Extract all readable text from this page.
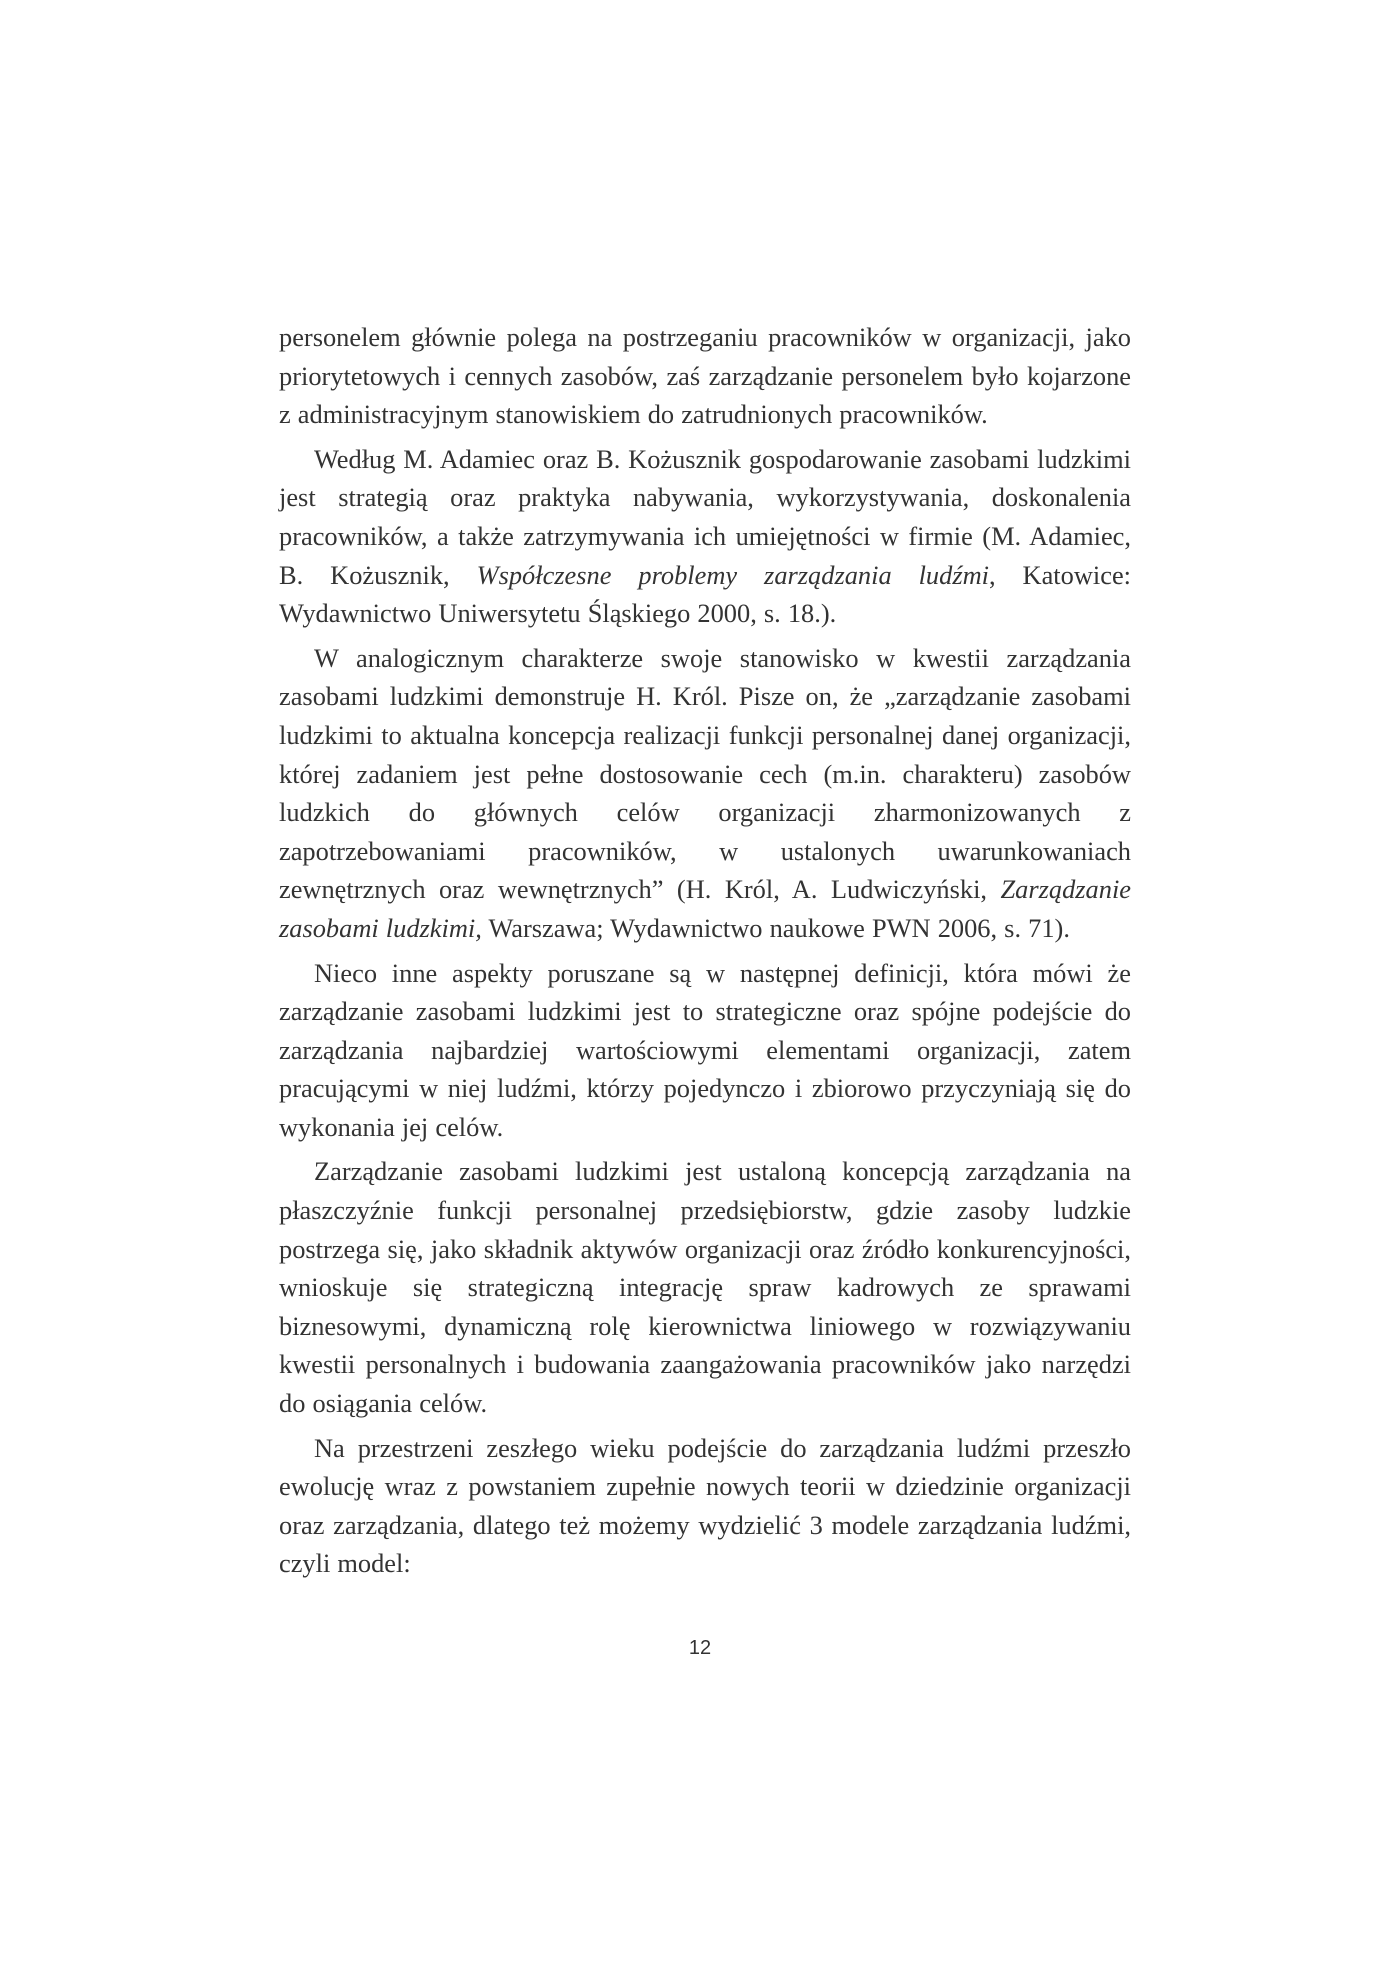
personelem głównie polega na postrzeganiu pracowników w organizacji, jako priorytetowych i cennych zasobów, zaś zarządzanie personelem było kojarzone z administracyjnym stanowiskiem do zatrudnionych pracowników.

Według M. Adamiec oraz B. Kożusznik gospodarowanie zasobami ludzkimi jest strategią oraz praktyka nabywania, wykorzystywania, doskonalenia pracowników, a także zatrzymywania ich umiejętności w firmie (M. Adamiec, B. Kożusznik, Współczesne problemy zarządzania ludźmi, Katowice: Wydawnictwo Uniwersytetu Śląskiego 2000, s. 18.).

W analogicznym charakterze swoje stanowisko w kwestii zarządzania zasobami ludzkimi demonstruje H. Król. Pisze on, że „zarządzanie zasobami ludzkimi to aktualna koncepcja realizacji funkcji personalnej danej organizacji, której zadaniem jest pełne dostosowanie cech (m.in. charakteru) zasobów ludzkich do głównych celów organizacji zharmonizowanych z zapotrzebowaniami pracowników, w ustalonych uwarunkowaniach zewnętrznych oraz wewnętrznych” (H. Król, A. Ludwiczyński, Zarządzanie zasobami ludzkimi, Warszawa; Wydawnictwo naukowe PWN 2006, s. 71).

Nieco inne aspekty poruszane są w następnej definicji, która mówi że zarządzanie zasobami ludzkimi jest to strategiczne oraz spójne podejście do zarządzania najbardziej wartościowymi elementami organizacji, zatem pracującymi w niej ludźmi, którzy pojedynczo i zbiorowo przyczyniają się do wykonania jej celów.

Zarządzanie zasobami ludzkimi jest ustaloną koncepcją zarządzania na płaszczyźnie funkcji personalnej przedsiębiorstw, gdzie zasoby ludzkie postrzega się, jako składnik aktywów organizacji oraz źródło konkurencyjności, wnioskuje się strategiczną integrację spraw kadrowych ze sprawami biznesowymi, dynamiczną rolę kierownictwa liniowego w rozwiązywaniu kwestii personalnych i budowania zaangażowania pracowników jako narzędzi do osiągania celów.

Na przestrzeni zeszłego wieku podejście do zarządzania ludźmi przeszło ewolucję wraz z powstaniem zupełnie nowych teorii w dziedzinie organizacji oraz zarządzania, dlatego też możemy wydzielić 3 modele zarządzania ludźmi, czyli model:

12
